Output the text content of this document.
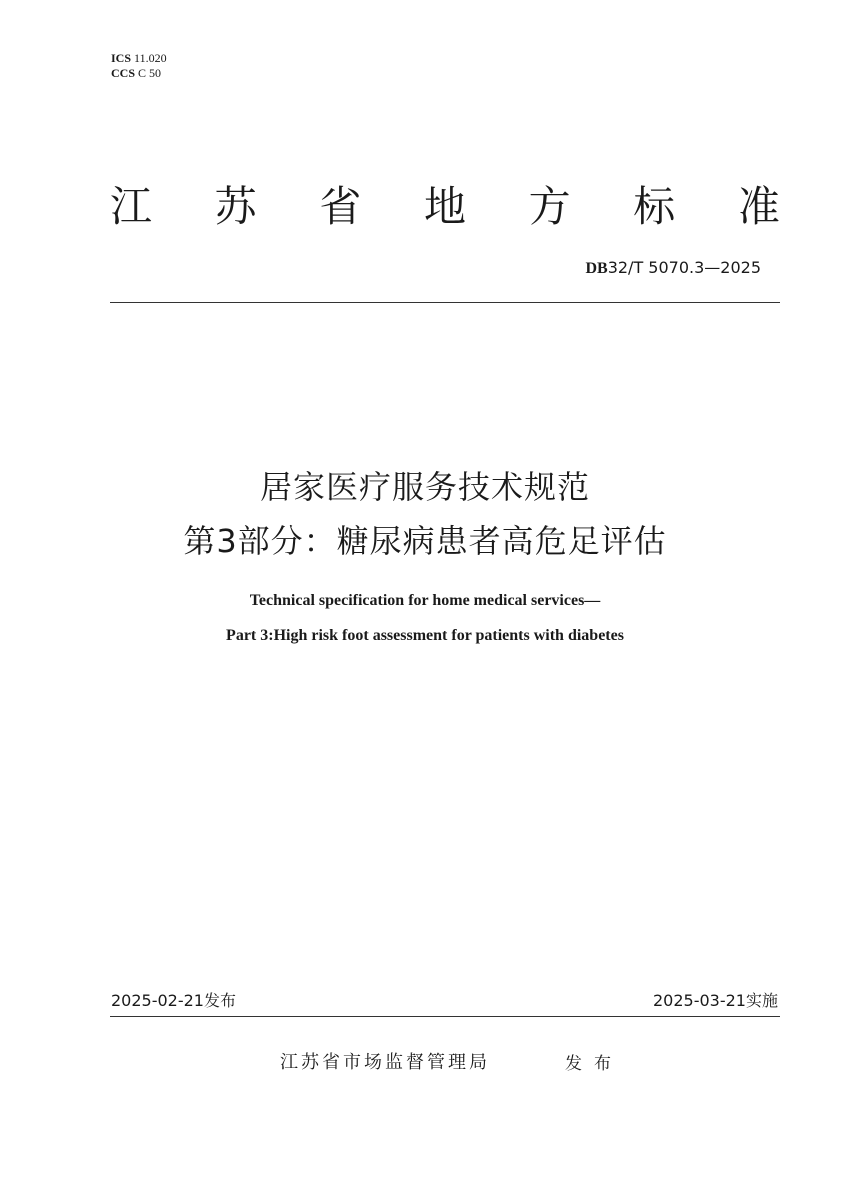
ICS 11.020
CCS C 50
江 苏 省 地 方 标 准
DB32/T 5070.3—2025
居家医疗服务技术规范
第3部分：糖尿病患者高危足评估
Technical specification for home medical services—
Part 3:High risk foot assessment for patients with diabetes
2025-02-21发布	2025-03-21实施
江苏省市场监督管理局	发布
